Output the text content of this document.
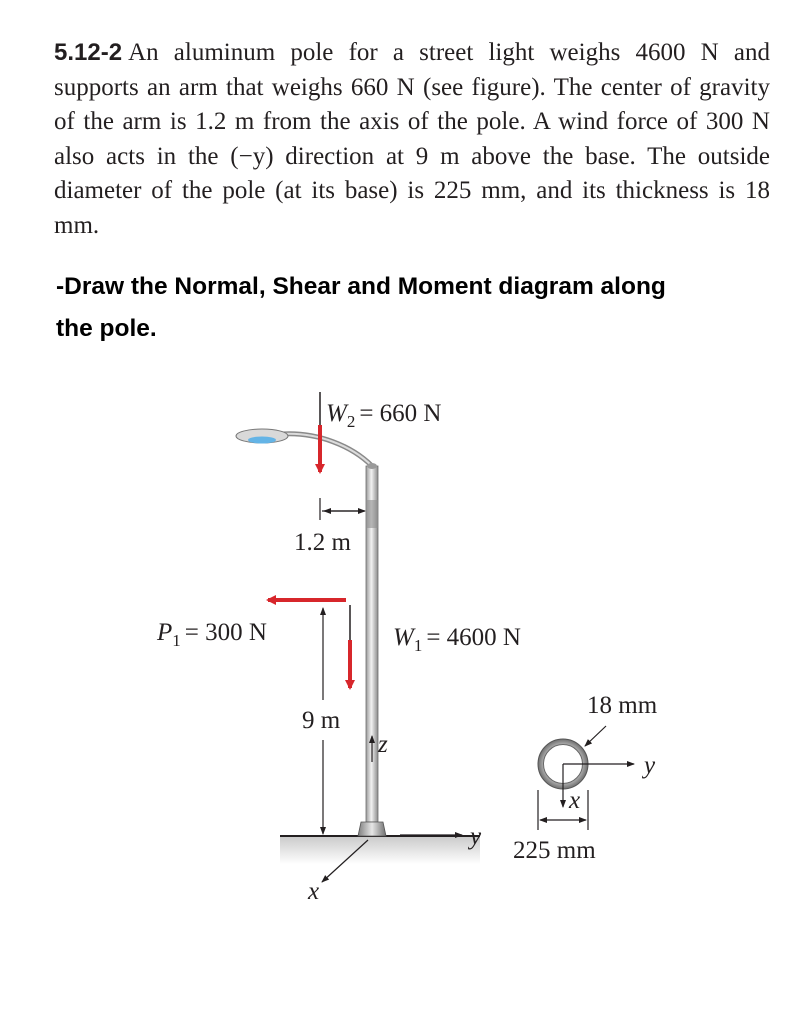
5.12-2 An aluminum pole for a street light weighs 4600 N and supports an arm that weighs 660 N (see figure). The center of gravity of the arm is 1.2 m from the axis of the pole. A wind force of 300 N also acts in the (−y) direction at 9 m above the base. The outside diameter of the pole (at its base) is 225 mm, and its thickness is 18 mm.

-Draw the Normal, Shear and Moment diagram along
the pole.

$W_2 = 660$ N
1.2 m
$P_1 = 300$ N	$W_1 = 4600$ N
9 m
z
y
x
y
x
18 mm
225 mm
